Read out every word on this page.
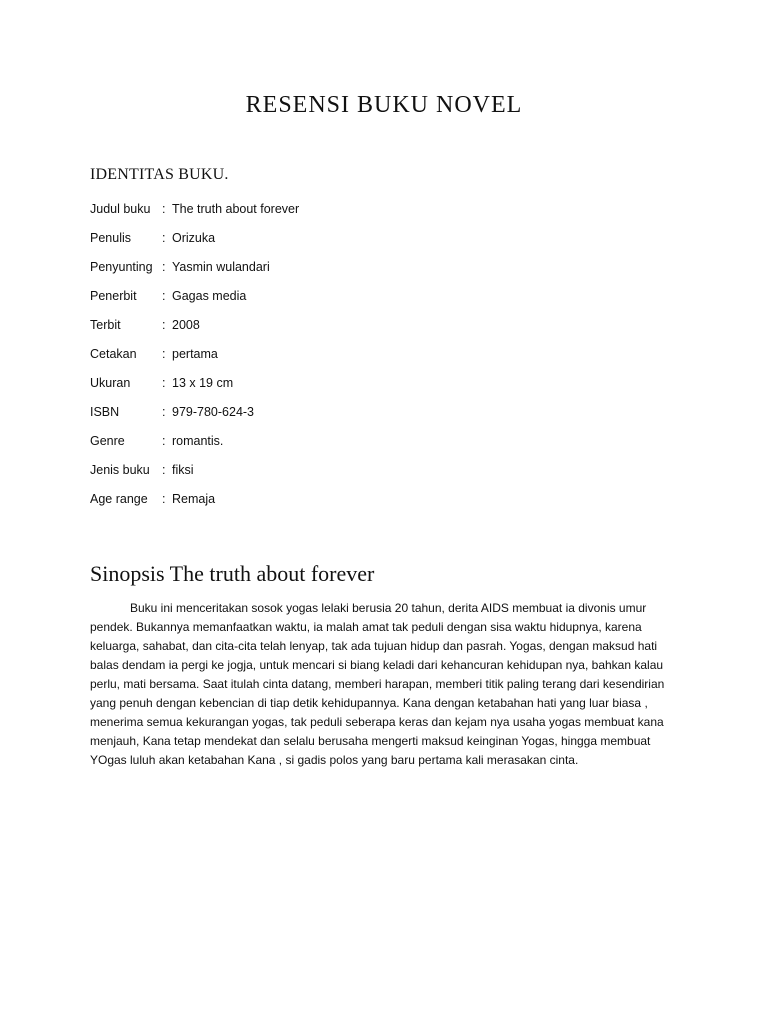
RESENSI BUKU NOVEL
IDENTITAS BUKU.
Judul buku : The truth about forever
Penulis : Orizuka
Penyunting : Yasmin wulandari
Penerbit : Gagas media
Terbit	: 2008
Cetakan : pertama
Ukuran	: 13 x 19 cm
ISBN	: 979-780-624-3
Genre	: romantis.
Jenis buku : fiksi
Age range : Remaja
Sinopsis The truth about forever

Buku ini menceritakan sosok yogas lelaki berusia 20 tahun, derita AIDS membuat ia divonis umur pendek. Bukannya memanfaatkan waktu, ia malah amat tak peduli dengan sisa waktu hidupnya, karena keluarga, sahabat, dan cita-cita telah lenyap, tak ada tujuan hidup dan pasrah. Yogas, dengan maksud hati balas dendam ia pergi ke jogja, untuk mencari si biang keladi dari kehancuran kehidupan nya, bahkan kalau perlu, mati bersama. Saat itulah cinta datang, memberi harapan, memberi titik paling terang dari kesendirian yang penuh dengan kebencian di tiap detik kehidupannya. Kana dengan ketabahan hati yang luar biasa , menerima semua kekurangan yogas, tak peduli seberapa keras dan kejam nya usaha yogas membuat kana menjauh, Kana tetap mendekat dan selalu berusaha mengerti maksud keinginan Yogas, hingga membuat YOgas luluh akan ketabahan Kana , si gadis polos yang baru pertama kali merasakan cinta.
